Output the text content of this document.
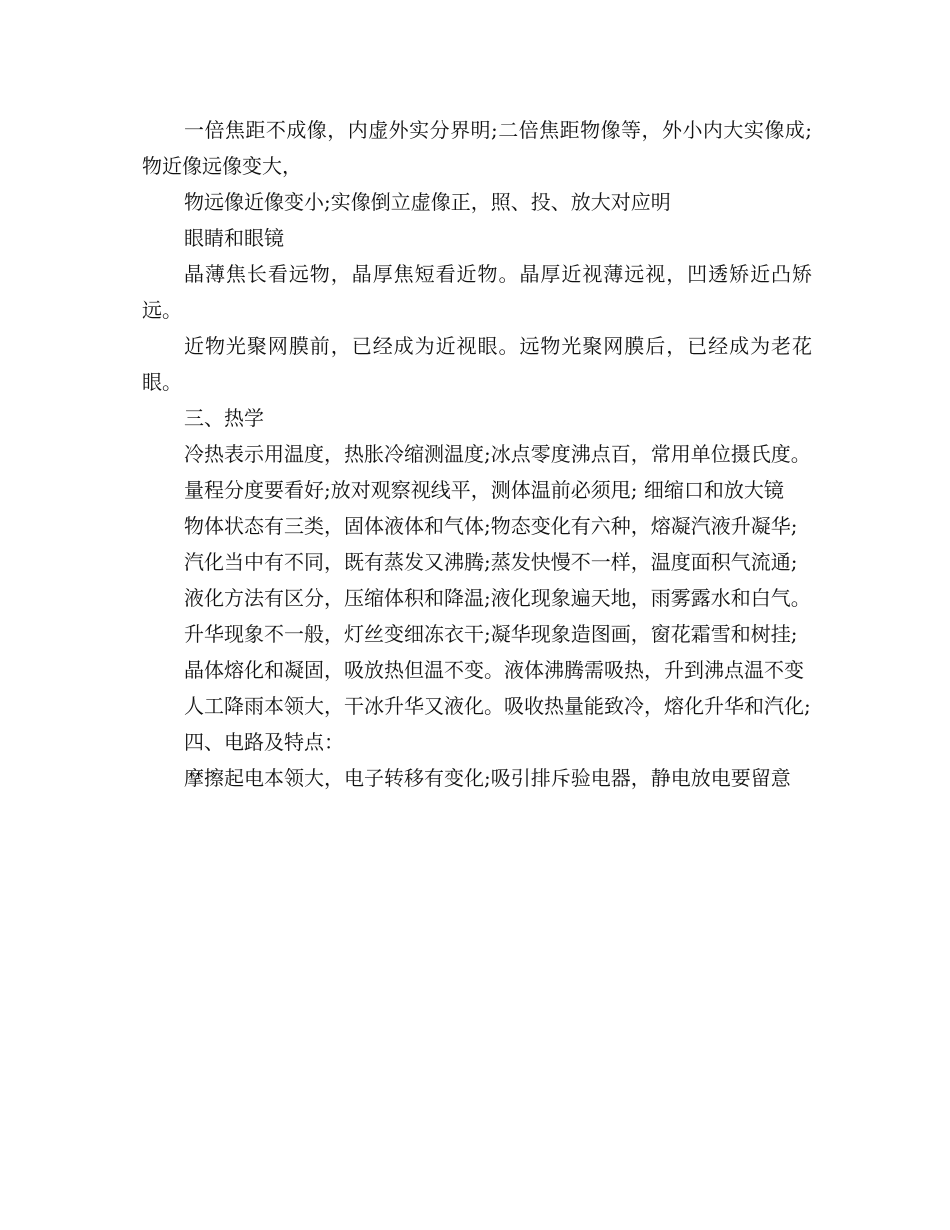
一倍焦距不成像，内虚外实分界明;二倍焦距物像等，外小内大实像成;物近像远像变大，

物远像近像变小;实像倒立虚像正，照、投、放大对应明

眼睛和眼镜

晶薄焦长看远物，晶厚焦短看近物。晶厚近视薄远视，凹透矫近凸矫远。

近物光聚网膜前，已经成为近视眼。远物光聚网膜后，已经成为老花眼。

三、热学

冷热表示用温度，热胀冷缩测温度;冰点零度沸点百，常用单位摄氏度。

量程分度要看好;放对观察视线平，测体温前必须甩; 细缩口和放大镜

物体状态有三类，固体液体和气体;物态变化有六种，熔凝汽液升凝华;

汽化当中有不同，既有蒸发又沸腾;蒸发快慢不一样，温度面积气流通;

液化方法有区分，压缩体积和降温;液化现象遍天地，雨雾露水和白气。

升华现象不一般，灯丝变细冻衣干;凝华现象造图画，窗花霜雪和树挂;

晶体熔化和凝固，吸放热但温不变。液体沸腾需吸热，升到沸点温不变

人工降雨本领大，干冰升华又液化。吸收热量能致冷，熔化升华和汽化;

四、电路及特点：

摩擦起电本领大，电子转移有变化;吸引排斥验电器，静电放电要留意
